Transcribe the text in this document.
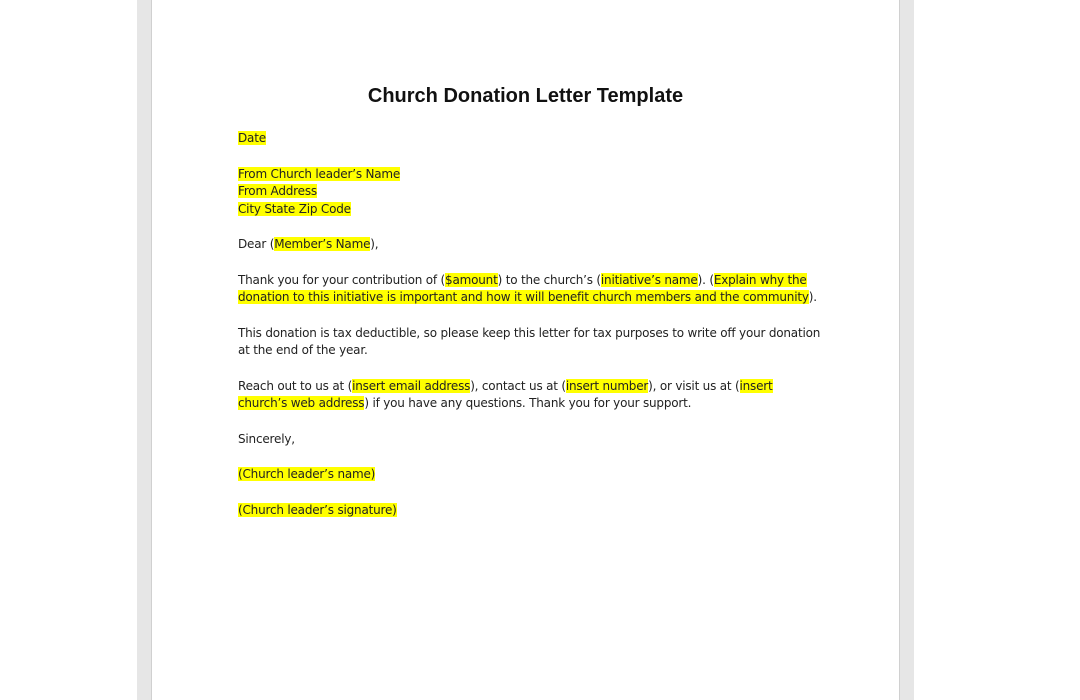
Church Donation Letter Template

Date

From Church leader’s Name
From Address
City State Zip Code

Dear (Member’s Name),

Thank you for your contribution of ($amount) to the church’s (initiative’s name). (Explain why the
donation to this initiative is important and how it will benefit church members and the community).

This donation is tax deductible, so please keep this letter for tax purposes to write off your donation at the end of the year.

Reach out to us at (insert email address), contact us at (insert number), or visit us at (insert
church’s web address) if you have any questions. Thank you for your support.

Sincerely,

(Church leader’s name)

(Church leader’s signature)
